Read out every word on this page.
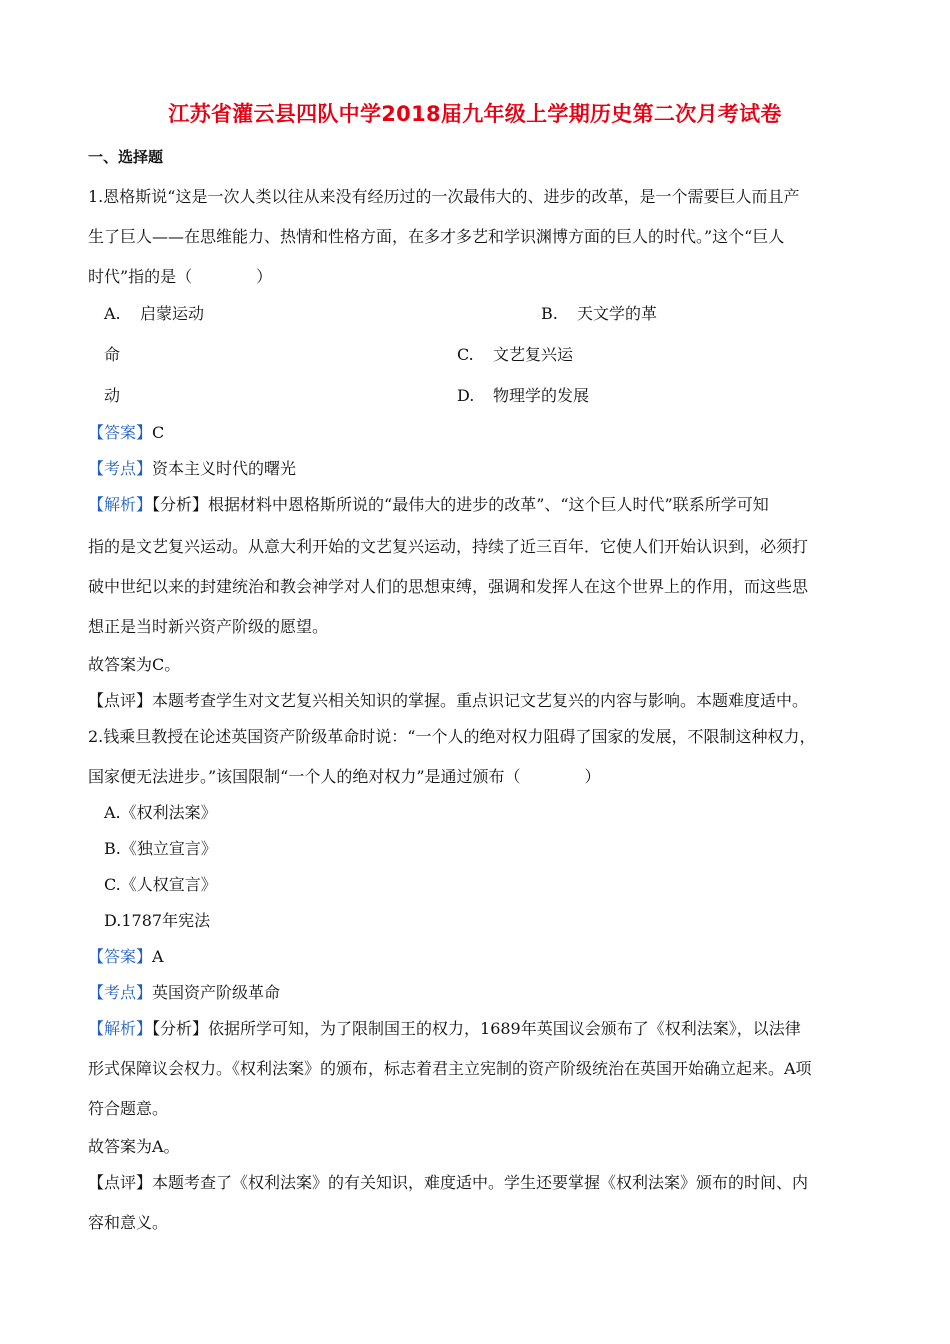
江苏省灌云县四队中学2018届九年级上学期历史第二次月考试卷
一、选择题
1.恩格斯说“这是一次人类以往从来没有经历过的一次最伟大的、进步的改革，是一个需要巨人而且产
生了巨人——在思维能力、热情和性格方面，在多才多艺和学识渊博方面的巨人的时代。”这个“巨人
时代”指的是（　　　　）
A. 启蒙运动	B. 天文学的革
命	C. 文艺复兴运
动	D. 物理学的发展
【答案】C
【考点】资本主义时代的曙光
【解析】【分析】根据材料中恩格斯所说的“最伟大的进步的改革”、“这个巨人时代”联系所学可知
指的是文艺复兴运动。从意大利开始的文艺复兴运动，持续了近三百年．它使人们开始认识到，必须打
破中世纪以来的封建统治和教会神学对人们的思想束缚，强调和发挥人在这个世界上的作用，而这些思
想正是当时新兴资产阶级的愿望。
故答案为C。
【点评】本题考查学生对文艺复兴相关知识的掌握。重点识记文艺复兴的内容与影响。本题难度适中。
2.钱乘旦教授在论述英国资产阶级革命时说：“一个人的绝对权力阻碍了国家的发展，不限制这种权力，
国家便无法进步。”该国限制“一个人的绝对权力”是通过颁布（　　　　）
A.《权利法案》
B.《独立宣言》
C.《人权宣言》
D.1787年宪法
【答案】A
【考点】英国资产阶级革命
【解析】【分析】依据所学可知，为了限制国王的权力，1689年英国议会颁布了《权利法案》，以法律
形式保障议会权力。《权利法案》的颁布，标志着君主立宪制的资产阶级统治在英国开始确立起来。A项
符合题意。
故答案为A。
【点评】本题考查了《权利法案》的有关知识，难度适中。学生还要掌握《权利法案》颁布的时间、内
容和意义。
